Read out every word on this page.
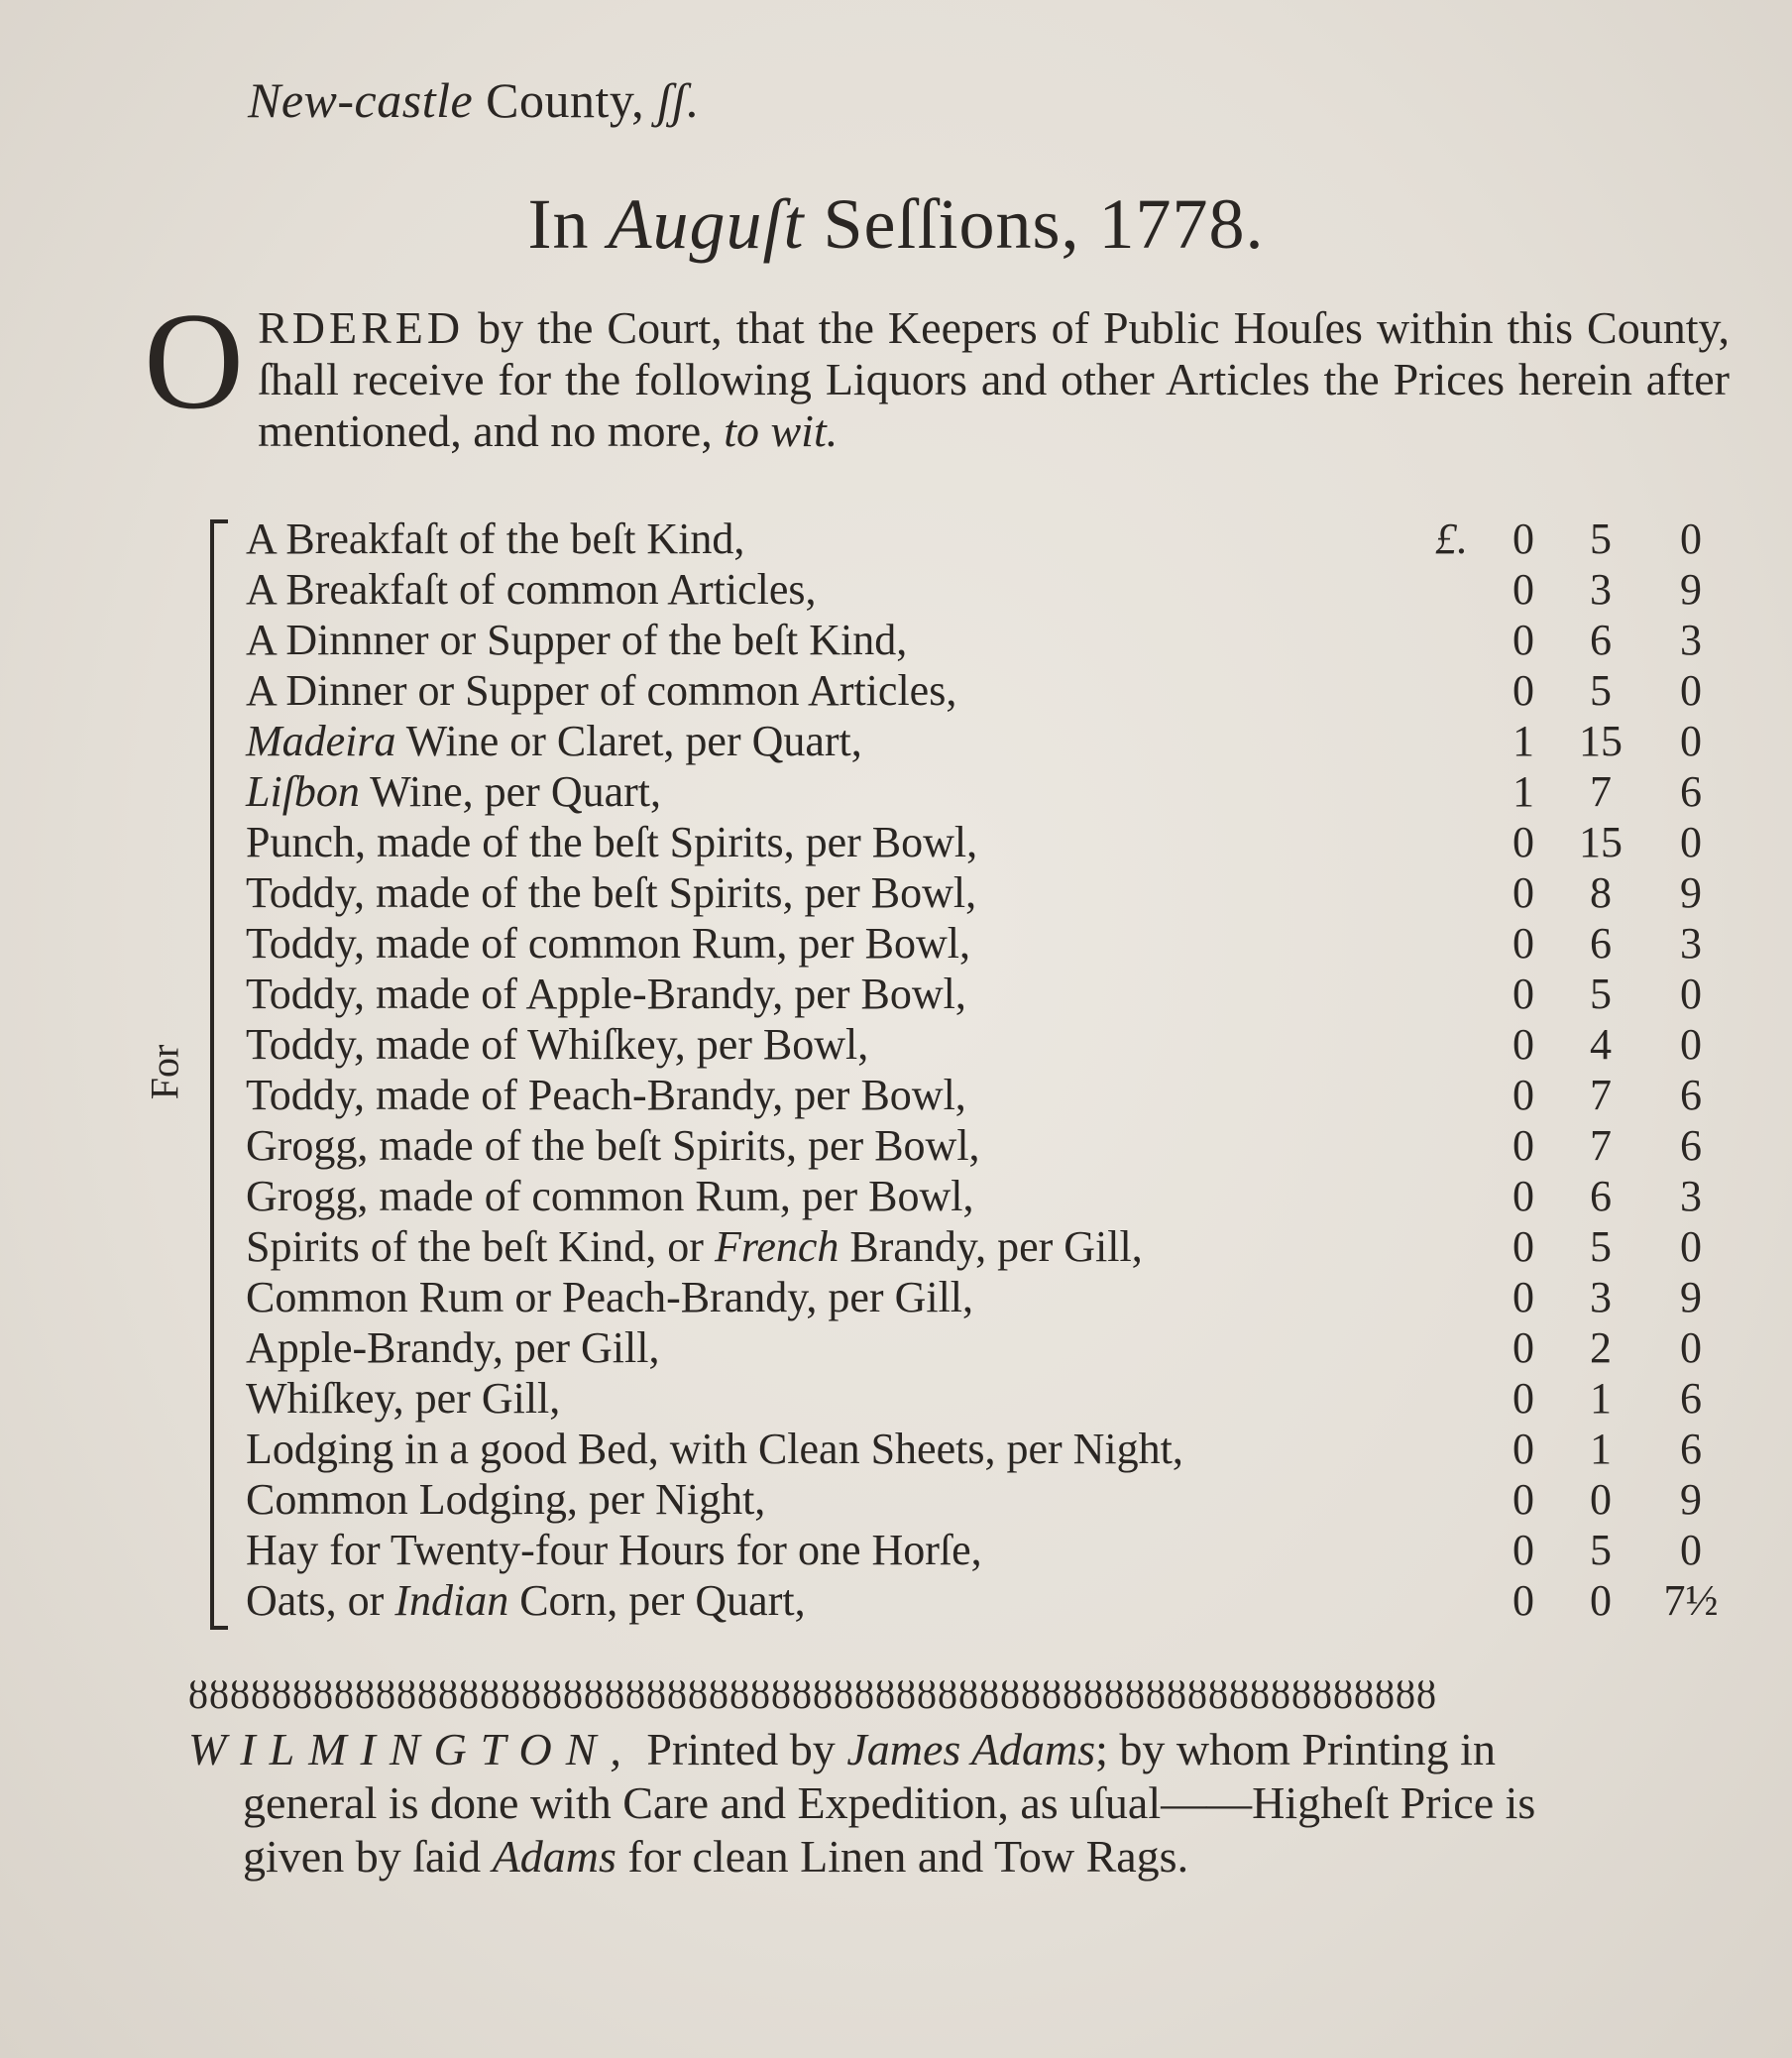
New-castle County, ʃʃ.
In Auguſt Seſſions, 1778.
ORDERED by the Court, that the Keepers of Public Houſes within this County, ſhall receive for the following Liquors and other Articles the Prices herein after mentioned, and no more, to wit.
For
A Breakfaſt of the beſt Kind,	£.	0	5	0
A Breakfaſt of common Articles,	0	3	9
A Dinnner or Supper of the beſt Kind,	0	6	3
A Dinner or Supper of common Articles,	0	5	0
Madeira Wine or Claret, per Quart,	1	15	0
Liſbon Wine, per Quart,	1	7	6
Punch, made of the beſt Spirits, per Bowl,	0	15	0
Toddy, made of the beſt Spirits, per Bowl,	0	8	9
Toddy, made of common Rum, per Bowl,	0	6	3
Toddy, made of Apple-Brandy, per Bowl,	0	5	0
Toddy, made of Whiſkey, per Bowl,	0	4	0
Toddy, made of Peach-Brandy, per Bowl,	0	7	6
Grogg, made of the beſt Spirits, per Bowl,	0	7	6
Grogg, made of common Rum, per Bowl,	0	6	3
Spirits of the beſt Kind, or French Brandy, per Gill,	0	5	0
Common Rum or Peach-Brandy, per Gill,	0	3	9
Apple-Brandy, per Gill,	0	2	0
Whiſkey, per Gill,	0	1	6
Lodging in a good Bed, with Clean Sheets, per Night,	0	1	6
Common Lodging, per Night,	0	0	9
Hay for Twenty-four Hours for one Horſe,	0	5	0
Oats, or Indian Corn, per Quart,	0	0	7½
ȣȣȣȣȣȣȣȣȣȣȣȣȣȣȣȣȣȣȣȣȣȣȣȣȣȣȣȣȣȣȣȣȣȣȣȣȣȣȣȣȣȣȣȣȣȣȣȣȣȣȣȣȣȣȣȣȣȣȣȣ
WILMINGTON, Printed by James Adams; by whom Printing in
general is done with Care and Expedition, as uſual——Higheſt Price is
given by ſaid Adams for clean Linen and Tow Rags.
